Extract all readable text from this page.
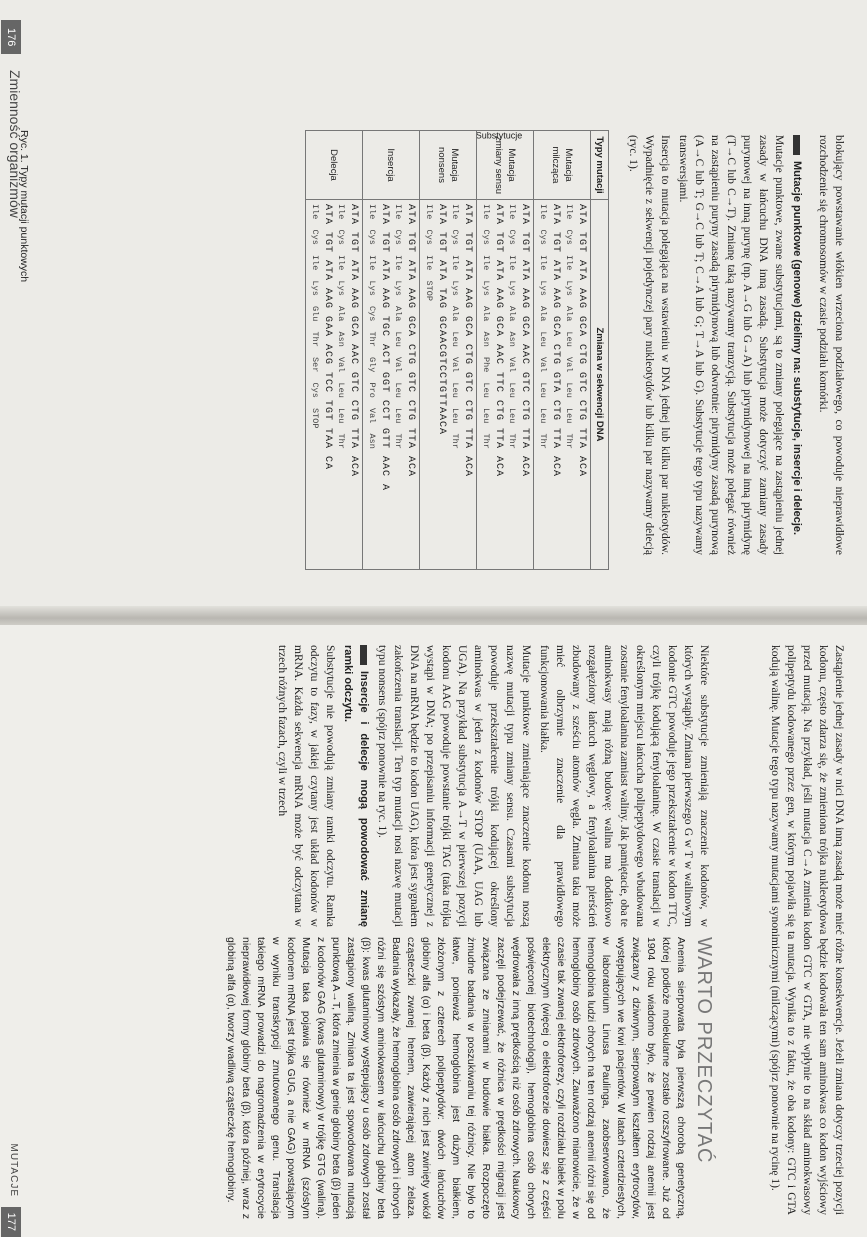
blokujący powstawanie włókien wrzeciona podziałowego, co powoduje nieprawidłowe rozchodzenie się chromosomów w czasie podziału komórki.

Mutacje punktowe (genowe) dzielimy na: substytucje, insercje i delecje.

Mutacje punktowe, zwane substytucjami, są to zmiany polegające na zastąpieniu jednej zasady w łańcuchu DNA inną zasadą. Substytucja może dotyczyć zamiany zasady purynowej na inną purynę (np. A→G lub G→A) lub pirymidynowej na inną pirymidynę (T→C lub C→T). Zmianę taką nazywamy tranzycją. Substytucja może polegać również na zastąpieniu puryny zasadą pirymidynową lub odwrotnie: pirymidyny zasadą purynową (A→C lub T; G→C lub T; C→A lub G; T→A lub G). Substytucje tego typu nazywamy transwersjami.

Insercja to mutacja polegająca na wstawieniu w DNA jednej lub kilku par nukleotydów. Wypadnięcie z sekwencji pojedynczej pary nukleotydów lub kilku par nazywamy delecją (ryc. 1).

Substytucje
Typy mutacji	Zmiana w sekwencji DNA
Mutacja milcząca	ATA TGT ATA AAG GCA CTG GTC CTG TTA ACA
Ile  Cys  Ile  Lys  Ala  Leu  Val  Leu  Leu  Thr
ATA TGT ATA AAG GCA CTG GTA CTG TTA ACA
Ile  Cys  Ile  Lys  Ala  Leu  Val  Leu  Leu  Thr

Mutacja zmiany sensu	ATA TGT ATA AAG GCA AAC GTC CTG TTA ACA
Ile  Cys  Ile  Lys  Ala  Asn  Val  Leu  Leu  Thr
ATA TGT ATA AAG GCA AAC TTC CTG TTA ACA
Ile  Cys  Ile  Lys  Ala  Asn  Phe  Leu  Leu  Thr

Mutacja nonsens	ATA TGT ATA AAG GCA CTG GTC CTG TTA ACA
Ile  Cys  Ile  Lys  Ala  Leu  Val  Leu  Leu  Thr
ATA TGT ATA TAG GCAACGTCCTGTTAACA
Ile  Cys  Ile  STOP

Insercja	ATA TGT ATA AAG GCA CTG GTC CTG TTA ACA
Ile  Cys  Ile  Lys  Ala  Leu  Val  Leu  Leu  Thr
ATA TGT ATA AAG TGC ACT GGT CCT GTT AAC A
Ile  Cys  Ile  Lys  Cys  Thr  Gly  Pro  Val  Asn

Delecja	ATA TGT ATA AAG GCA AAC GTC CTG TTA ACA
Ile  Cys  Ile  Lys  Ala  Asn  Val  Leu  Leu  Thr
ATA TGT ATA AAG GAA ACG TCC TGT TAA CA
Ile  Cys  Ile  Lys  Glu  Thr  Ser  Cys  STOP
Ryc. 1. Typy mutacji punktowych
176
Zmienność organizmów

Zastąpienie jednej zasady w nici DNA inną zasadą może mieć różne konsekwencje. Jeżeli zmiana dotyczy trzeciej pozycji kodonu, często zdarza się, że zmieniona trójka nukleotydowa będzie kodowała ten sam aminokwas co kodon wyjściowy przed mutacją. Na przykład, jeśli mutacja C→A zmienia kodon GTC w GTA, nie wpłynie to na skład aminokwasowy polipeptydu kodowanego przez gen, w którym pojawiła się ta mutacja. Wynika to z faktu, że oba kodony: GTC i GTA kodują walinę. Mutacje tego typu nazywamy mutacjami synonimicznymi (milczącymi) (spójrz ponownie na rycinę 1).

Niektóre substytucje zmieniają znaczenie kodonów, w których wystąpiły. Zmiana pierwszego G w T w walinowym kodonie GTC powoduje jego przekształcenie w kodon TTC, czyli trójkę kodującą fenyloalaninę. W czasie translacji w określonym miejscu łańcucha polipeptydowego wbudowana zostanie fenyloalanina zamiast waliny. Jak pamiętacie, oba te aminokwasy mają różną budowę: walina ma dodatkowo rozgałęziony łańcuch węglowy, a fenyloalanina pierścień zbudowany z sześciu atomów węgla. Zmiana taka może mieć olbrzymie znaczenie dla prawidłowego funkcjonowania białka.

Mutacje punktowe zmieniające znaczenie kodonu noszą nazwę mutacji typu zmiany sensu. Czasami substytucja powoduje przekształcenie trójki kodującej określony aminokwas w jeden z kodonów STOP (UAA, UAG lub UGA). Na przykład substytucja A→T w pierwszej pozycji kodonu AAG powoduje powstanie trójki TAG (taka trójka wystąpi w DNA; po przepisaniu informacji genetycznej z DNA na mRNA będzie to kodon UAG), która jest sygnałem zakończenia translacji. Ten typ mutacji nosi nazwę mutacji typu nonsens (spójrz ponownie na ryc. 1).

Insercje i delecje mogą powodować zmianę ramki odczytu.

Substytucje nie powodują zmiany ramki odczytu. Ramka odczytu to fazy, w jakiej czytany jest układ kodonów w mRNA. Każda sekwencja mRNA może być odczytana w trzech różnych fazach, czyli w trzech

WARTO PRZECZYTAĆ

Anemia sierpowata była pierwszą chorobą genetyczną, której podłoże molekularne zostało rozszyfrowane. Już od 1904 roku wiadomo było, że pewien rodzaj anemii jest związany z dziwnym, sierpowatym kształtem erytrocytów, występujących we krwi pacjentów. W latach czterdziestych, w laboratorium Linusa Paulinga, zaobserwowano, że hemoglobina ludzi chorych na ten rodzaj anemii różni się od hemoglobiny osób zdrowych. Zauważono mianowicie, że w czasie tak zwanej elektroforezy, czyli rozdziału białek w polu elektrycznym (więcej o elektroforezie dowiesz się z części poświęconej biotechnologii), hemoglobina osób chorych wędrowała z inną prędkością niż osób zdrowych. Naukowcy zaczęli podejrzewać, że różnica w prędkości migracji jest związana ze zmianami w budowie białka. Rozpoczęto żmudne badania w poszukiwaniu tej różnicy. Nie było to łatwe, ponieważ hemoglobina jest dużym białkiem, złożonym z czterech polipeptydów: dwóch łańcuchów globiny alfa (α) i beta (β). Każdy z nich jest zwinięty wokół cząsteczki zwanej hemem, zawierającej atom żelaza. Badania wykazały, że hemoglobina osób zdrowych i chorych różni się szóstym aminokwasem w łańcuchu globiny beta (β): kwas glutaminowy występujący u osób zdrowych został zastąpiony waliną. Zmiana ta jest spowodowana mutacją punktową A→T, która zmienia w genie globiny beta (β) jeden z kodonów GAG (kwas glutaminowy) w trójkę GTG (walina). Mutacja taka pojawia się również w mRNA (szóstym kodonem mRNA jest trójka GUG, a nie GAG) powstającym w wyniku transkrypcji zmutowanego genu. Translacja takiego mRNA prowadzi do nagromadzenia w erytrocycie nieprawidłowej formy globiny beta (β), która później, wraz z globiną alfa (α), tworzy wadliwą cząsteczkę hemoglobiny.

MUTACJE
177
